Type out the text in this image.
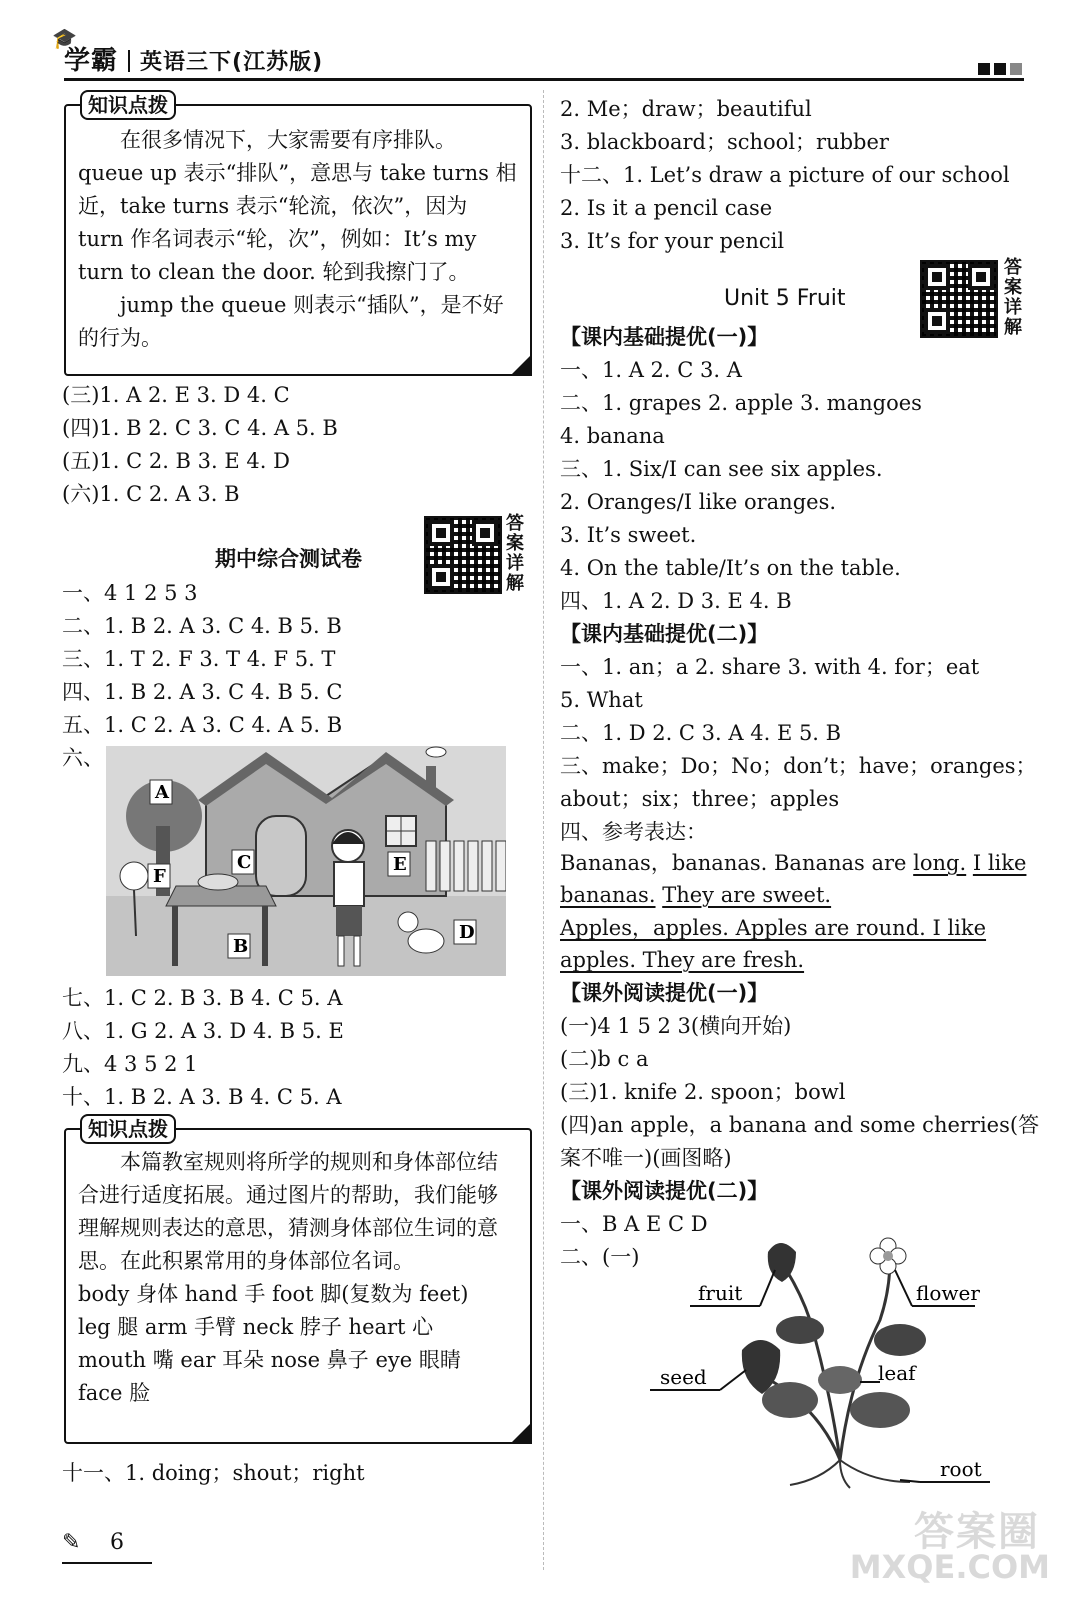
🎓
学霸 英语三下(江苏版)
知识点拨

在很多情况下，大家需要有序排队。queue up 表示“排队”，意思与 take turns 相近，take turns 表示“轮流，依次”，因为 turn 作名词表示“轮，次”，例如：It’s my turn to clean the door. 轮到我擦门了。

jump the queue 则表示“插队”，是不好的行为。

(三)1. A 2. E 3. D 4. C
(四)1. B 2. C 3. C 4. A 5. B
(五)1. C 2. B 3. E 4. D
(六)1. C 2. A 3. B
期中综合测试卷
答案详解
一、4 1 2 5 3
二、1. B 2. A 3. C 4. B 5. B
三、1. T 2. F 3. T 4. F 5. T
四、1. B 2. A 3. C 4. B 5. C
五、1. C 2. A 3. C 4. A 5. B
六、
A
B
C
D
E
F
七、1. C 2. B 3. B 4. C 5. A
八、1. G 2. A 3. D 4. B 5. E
九、4 3 5 2 1
十、1. B 2. A 3. B 4. C 5. A
知识点拨

本篇教室规则将所学的规则和身体部位结合进行适度拓展。通过图片的帮助，我们能够理解规则表达的意思，猜测身体部位生词的意思。在此积累常用的身体部位名词。

body 身体 hand 手 foot 脚(复数为 feet)

leg 腿 arm 手臂 neck 脖子 heart 心

mouth 嘴 ear 耳朵 nose 鼻子 eye 眼睛

face 脸

十一、1. doing；shout；right
2. Me；draw；beautiful
3. blackboard；school；rubber
十二、1. Let’s draw a picture of our school
2. Is it a pencil case
3. It’s for your pencil
Unit 5 Fruit
答案详解
【课内基础提优(一)】
一、1. A 2. C 3. A
二、1. grapes 2. apple 3. mangoes
4. banana
三、1. Six/I can see six apples.
2. Oranges/I like oranges.
3. It’s sweet.
4. On the table/It’s on the table.
四、1. A 2. D 3. E 4. B
【课内基础提优(二)】
一、1. an；a 2. share 3. with 4. for；eat
5. What
二、1. D 2. C 3. A 4. E 5. B
三、make；Do；No；don’t；have；oranges；
about；six；three；apples
四、参考表达：
Bananas，bananas. Bananas are long. I like
bananas. They are sweet.
Apples，apples. Apples are round. I like
apples. They are fresh.
【课外阅读提优(一)】
(一)4 1 5 2 3(横向开始)
(二)b c a
(三)1. knife 2. spoon；bowl
(四)an apple，a banana and some cherries(答
案不唯一)(画图略)
【课外阅读提优(二)】
一、B A E C D
二、(一)
fruit	flower
seed	leaf
root
✎ 6	答案圈
MXQE.COM
